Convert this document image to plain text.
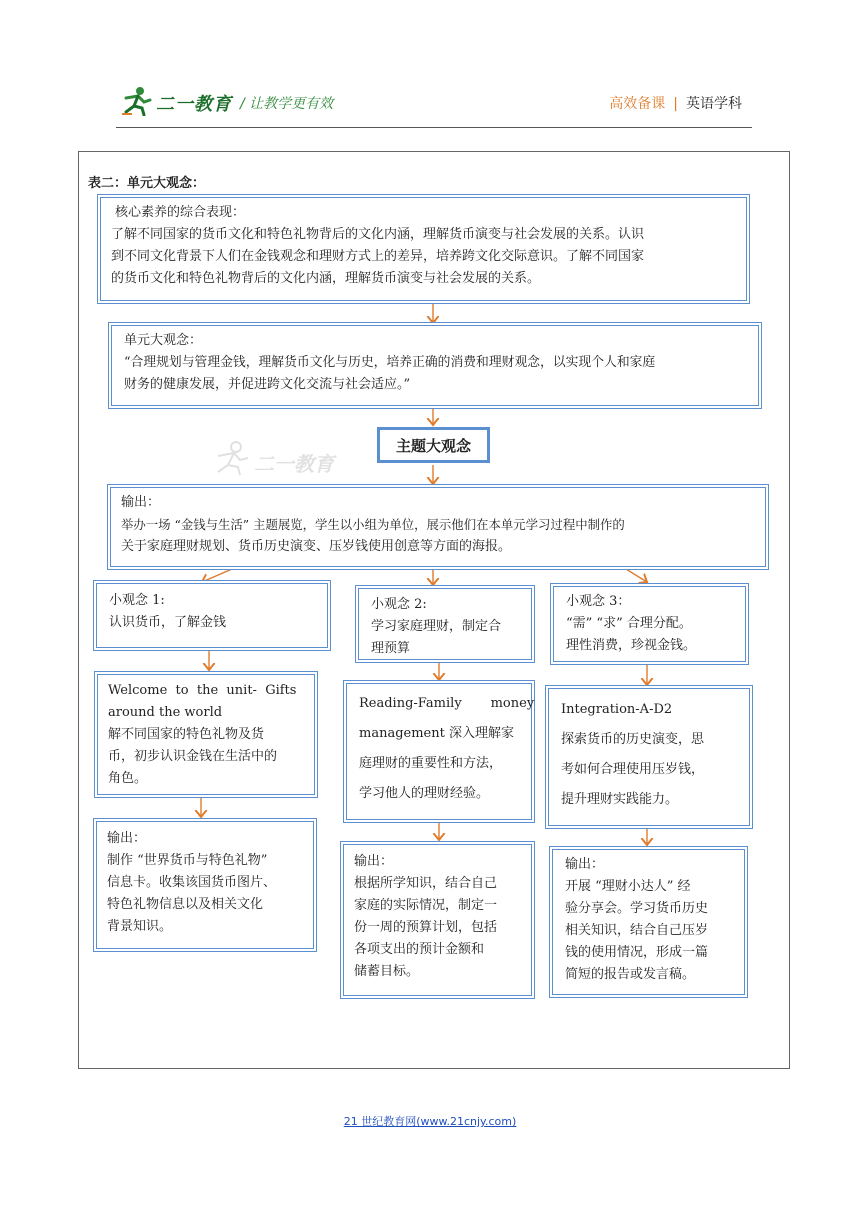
二一教育 / 让教学更有效	高效备课 | 英语学科
表二：单元大观念：
核心素养的综合表现：
了解不同国家的货币文化和特色礼物背后的文化内涵，理解货币演变与社会发展的关系。认识
到不同文化背景下人们在金钱观念和理财方式上的差异，培养跨文化交际意识。了解不同国家
的货币文化和特色礼物背后的文化内涵，理解货币演变与社会发展的关系。
单元大观念：
“合理规划与管理金钱，理解货币文化与历史，培养正确的消费和理财观念，以实现个人和家庭
财务的健康发展，并促进跨文化交流与社会适应。”
主题大观念
二一教育
输出：
举办一场 “金钱与生活” 主题展览，学生以小组为单位，展示他们在本单元学习过程中制作的
关于家庭理财规划、货币历史演变、压岁钱使用创意等方面的海报。
小观念 1:
认识货币，了解金钱
Welcome  to  the  unit-  Gifts
around the world
解不同国家的特色礼物及货
币，初步认识金钱在生活中的
角色。
输出：
制作 “世界货币与特色礼物”
信息卡。收集该国货币图片、
特色礼物信息以及相关文化
背景知识。
小观念 2:
学习家庭理财，制定合
理预算
Reading-Family       money
management 深入理解家
庭理财的重要性和方法，
学习他人的理财经验。
输出：
根据所学知识，结合自己
家庭的实际情况，制定一
份一周的预算计划，包括
各项支出的预计金额和
储蓄目标。
小观念 3：
“需” “求” 合理分配。
理性消费，珍视金钱。
Integration-A-D2
探索货币的历史演变，思
考如何合理使用压岁钱，
提升理财实践能力。
输出：
开展 “理财小达人” 经
验分享会。学习货币历史
相关知识，结合自己压岁
钱的使用情况，形成一篇
简短的报告或发言稿。
21 世纪教育网(www.21cnjy.com)
